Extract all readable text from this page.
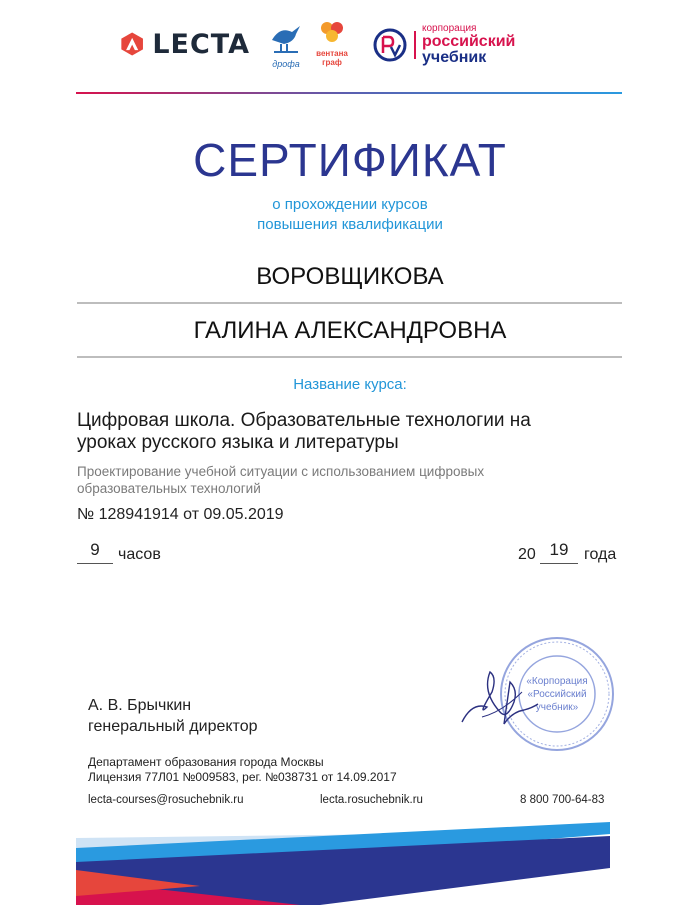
LECTA
дрофа
вентана
граф
корпорация
российский
учебник
СЕРТИФИКАТ
о прохождении курсов
повышения квалификации
ВОРОВЩИКОВА
ГАЛИНА АЛЕКСАНДРОВНА
Название курса:
Цифровая школа. Образовательные технологии на
уроках русского языка и литературы
Проектирование учебной ситуации с использованием цифровых
образовательных технологий
№ 128941914 от 09.05.2019
9	часов	20 19 года
«Корпорация
«Российский
учебник»
А. В. Брычкин
генеральный директор
Департамент образования города Москвы
Лицензия 77Л01 №009583, рег. №038731 от 14.09.2017
lecta-courses@rosuchebnik.ru	lecta.rosuchebnik.ru	8 800 700-64-83
